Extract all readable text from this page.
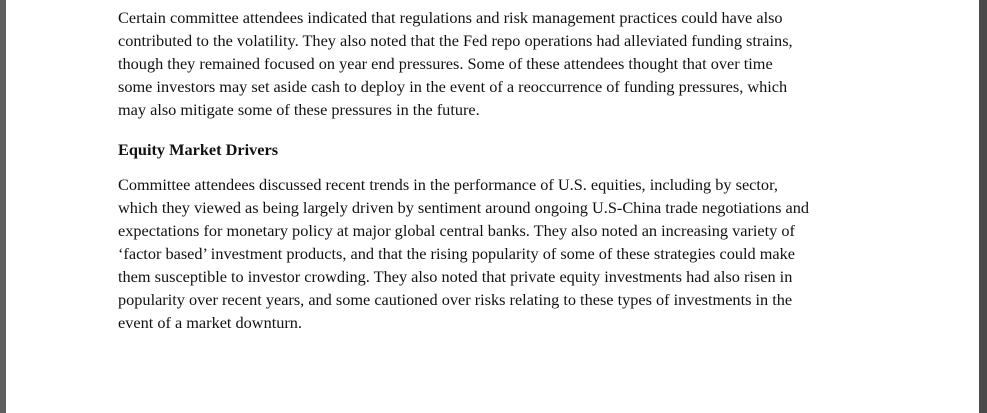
Certain committee attendees indicated that regulations and risk management practices could have also
contributed to the volatility. They also noted that the Fed repo operations had alleviated funding strains,
though they remained focused on year end pressures. Some of these attendees thought that over time
some investors may set aside cash to deploy in the event of a reoccurrence of funding pressures, which
may also mitigate some of these pressures in the future.
Equity Market Drivers
Committee attendees discussed recent trends in the performance of U.S. equities, including by sector,
which they viewed as being largely driven by sentiment around ongoing U.S-China trade negotiations and
expectations for monetary policy at major global central banks. They also noted an increasing variety of
‘factor based’ investment products, and that the rising popularity of some of these strategies could make
them susceptible to investor crowding. They also noted that private equity investments had also risen in
popularity over recent years, and some cautioned over risks relating to these types of investments in the
event of a market downturn.
